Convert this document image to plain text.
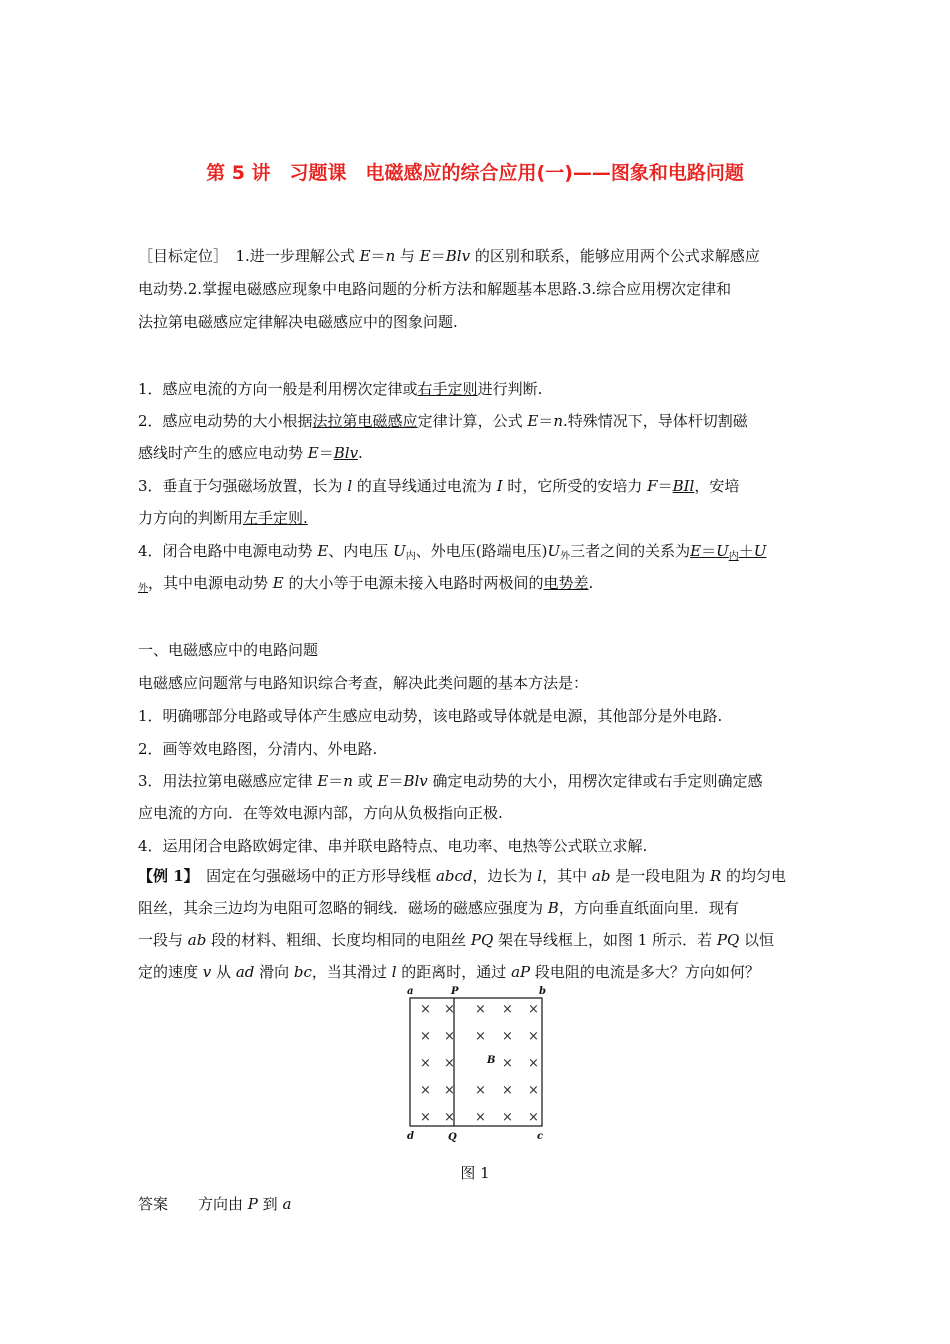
第 5 讲　习题课　电磁感应的综合应用(一)——图象和电路问题
［目标定位］　1.进一步理解公式 E＝n 与 E＝Blv 的区别和联系，能够应用两个公式求解感应
电动势.2.掌握电磁感应现象中电路问题的分析方法和解题基本思路.3.综合应用楞次定律和
法拉第电磁感应定律解决电磁感应中的图象问题.
1．感应电流的方向一般是利用楞次定律或右手定则进行判断.
2．感应电动势的大小根据法拉第电磁感应定律计算，公式 E＝n.特殊情况下，导体杆切割磁
感线时产生的感应电动势 E＝Blv.
3．垂直于匀强磁场放置，长为 l 的直导线通过电流为 I 时，它所受的安培力 F＝BIl，安培
力方向的判断用左手定则.
4．闭合电路中电源电动势 E、内电压 $U_内$、外电压(路端电压)$U_外$三者之间的关系为$E=U_内+U$
$_外$，其中电源电动势 E 的大小等于电源未接入电路时两极间的电势差.
一、电磁感应中的电路问题
电磁感应问题常与电路知识综合考查，解决此类问题的基本方法是：
1．明确哪部分电路或导体产生感应电动势，该电路或导体就是电源，其他部分是外电路.
2．画等效电路图，分清内、外电路.
3．用法拉第电磁感应定律 E＝n 或 E＝Blv 确定电动势的大小，用楞次定律或右手定则确定感
应电流的方向．在等效电源内部，方向从负极指向正极.
4．运用闭合电路欧姆定律、串并联电路特点、电功率、电热等公式联立求解.
【例 1】　固定在匀强磁场中的正方形导线框 abcd，边长为 l，其中 ab 是一段电阻为 R 的均匀电
阻丝，其余三边均为电阻可忽略的铜线．磁场的磁感应强度为 B，方向垂直纸面向里．现有
一段与 ab 段的材料、粗细、长度均相同的电阻丝 PQ 架在导线框上，如图 1 所示．若 PQ 以恒
定的速度 v 从 ad 滑向 bc，当其滑过 l 的距离时，通过 aP 段电阻的电流是多大？方向如何？
a	P	b
d	Q	c
B
× × × × ×
× × × × ×
× ×	× ×
× × × × ×
× × × × ×
图 1
答案　　方向由 P 到 a
